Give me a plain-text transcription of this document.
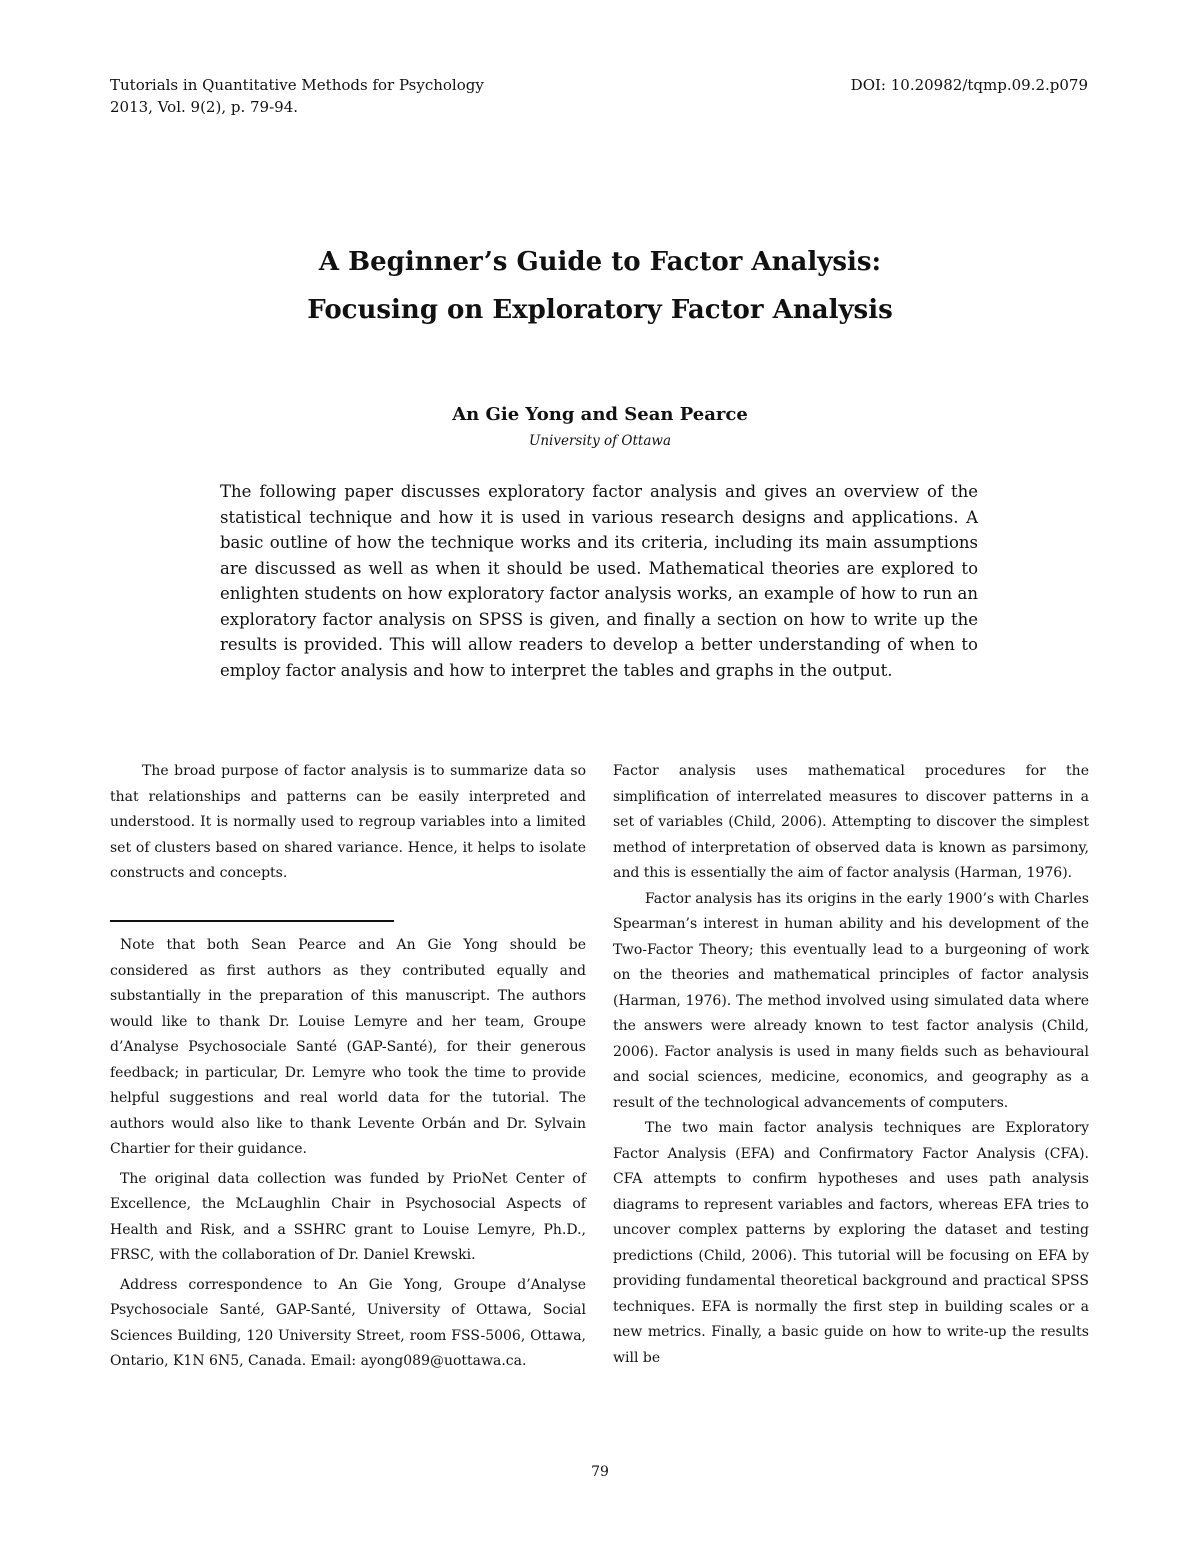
Tutorials in Quantitative Methods for Psychology
2013, Vol. 9(2), p. 79-94.
DOI: 10.20982/tqmp.09.2.p079
A Beginner’s Guide to Factor Analysis:
Focusing on Exploratory Factor Analysis
An Gie Yong and Sean Pearce
University of Ottawa

The following paper discusses exploratory factor analysis and gives an overview of the statistical technique and how it is used in various research designs and applications. A basic outline of how the technique works and its criteria, including its main assumptions are discussed as well as when it should be used. Mathematical theories are explored to enlighten students on how exploratory factor analysis works, an example of how to run an exploratory factor analysis on SPSS is given, and finally a section on how to write up the results is provided. This will allow readers to develop a better understanding of when to employ factor analysis and how to interpret the tables and graphs in the output.

The broad purpose of factor analysis is to summarize data so that relationships and patterns can be easily interpreted and understood. It is normally used to regroup variables into a limited set of clusters based on shared variance. Hence, it helps to isolate constructs and concepts.

Note that both Sean Pearce and An Gie Yong should be considered as first authors as they contributed equally and substantially in the preparation of this manuscript. The authors would like to thank Dr. Louise Lemyre and her team, Groupe d’Analyse Psychosociale Santé (GAP-Santé), for their generous feedback; in particular, Dr. Lemyre who took the time to provide helpful suggestions and real world data for the tutorial. The authors would also like to thank Levente Orbán and Dr. Sylvain Chartier for their guidance.

The original data collection was funded by PrioNet Center of Excellence, the McLaughlin Chair in Psychosocial Aspects of Health and Risk, and a SSHRC grant to Louise Lemyre, Ph.D., FRSC, with the collaboration of Dr. Daniel Krewski.

Address correspondence to An Gie Yong, Groupe d’Analyse Psychosociale Santé, GAP-Santé, University of Ottawa, Social Sciences Building, 120 University Street, room FSS-5006, Ottawa, Ontario, K1N 6N5, Canada. Email: ayong089@uottawa.ca.

Factor analysis uses mathematical procedures for the simplification of interrelated measures to discover patterns in a set of variables (Child, 2006). Attempting to discover the simplest method of interpretation of observed data is known as parsimony, and this is essentially the aim of factor analysis (Harman, 1976).

Factor analysis has its origins in the early 1900’s with Charles Spearman’s interest in human ability and his development of the Two-Factor Theory; this eventually lead to a burgeoning of work on the theories and mathematical principles of factor analysis (Harman, 1976). The method involved using simulated data where the answers were already known to test factor analysis (Child, 2006). Factor analysis is used in many fields such as behavioural and social sciences, medicine, economics, and geography as a result of the technological advancements of computers.

The two main factor analysis techniques are Exploratory Factor Analysis (EFA) and Confirmatory Factor Analysis (CFA). CFA attempts to confirm hypotheses and uses path analysis diagrams to represent variables and factors, whereas EFA tries to uncover complex patterns by exploring the dataset and testing predictions (Child, 2006). This tutorial will be focusing on EFA by providing fundamental theoretical background and practical SPSS techniques. EFA is normally the first step in building scales or a new metrics. Finally, a basic guide on how to write-up the results will be

79
